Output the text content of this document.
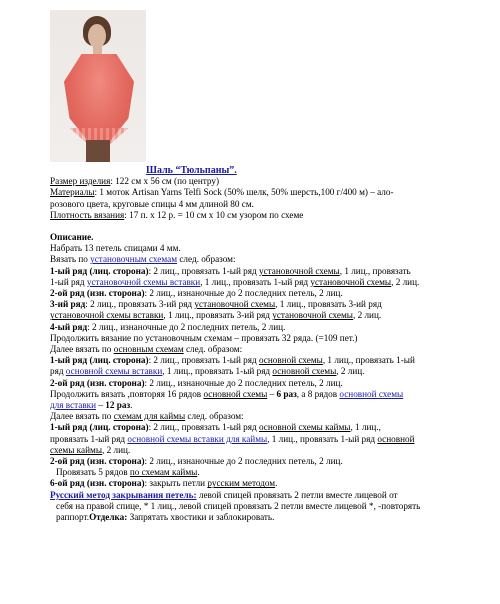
Шаль “Тюльпаны”.
Размер изделия: 122 см х 56 см (по центру)
Материалы: 1 моток Artisan Yarns Telfi Sock (50% шелк, 50% шерсть,100 г/400 м) – ало-
розового цвета, круговые спицы 4 мм длиной 80 см.
Плотность вязания: 17 п. х 12 р. = 10 см х 10 см узором по схеме
Описание.
Набрать 13 петель спицами 4 мм.
Вязать по установочным схемам след. образом:
1-ый ряд (лиц. сторона): 2 лиц., провязать 1-ый ряд установочной схемы, 1 лиц., провязать
1-ый ряд установочной схемы вставки, 1 лиц., провязать 1-ый ряд установочной схемы, 2 лиц.
2-ой ряд (изн. сторона): 2 лиц., изнаночные до 2 последних петель, 2 лиц.
3-ий ряд: 2 лиц., провязать 3-ий ряд установочной схемы, 1 лиц., провязать 3-ий ряд
установочной схемы вставки, 1 лиц., провязать 3-ий ряд установочной схемы, 2 лиц.
4-ый ряд: 2 лиц., изнаночные до 2 последних петель, 2 лиц.
Продолжить вязание по установочным схемам – провязать 32 ряда. (=109 пет.)
Далее вязать по основным схемам след. образом:
1-ый ряд (лиц. сторона): 2 лиц., провязать 1-ый ряд основной схемы, 1 лиц., провязать 1-ый
ряд основной схемы вставки, 1 лиц., провязать 1-ый ряд основной схемы, 2 лиц.
2-ой ряд (изн. сторона): 2 лиц., изнаночные до 2 последних петель, 2 лиц.
Продолжить вязать ,повторяя 16 рядов основной схемы – 6 раз, а 8 рядов основной схемы
для вставки – 12 раз.
Далее вязать по схемам для каймы след. образом:
1-ый ряд (лиц. сторона): 2 лиц., провязать 1-ый ряд основной схемы каймы, 1 лиц.,
провязать 1-ый ряд основной схемы вставки для каймы, 1 лиц., провязать 1-ый ряд основной
схемы каймы, 2 лиц.
2-ой ряд (изн. сторона): 2 лиц., изнаночные до 2 последних петель, 2 лиц.
Провязать 5 рядов по схемам каймы.
6-ой ряд (изн. сторона): закрыть петли русским методом.
Русский метод закрывания петель: левой спицей провязать 2 петли вместе лицевой от
себя на правой спице, * 1 лиц., левой спицей провязать 2 петли вместе лицевой *, -повторять
раппорт.Отделка: Запрятать хвостики и заблокировать.
